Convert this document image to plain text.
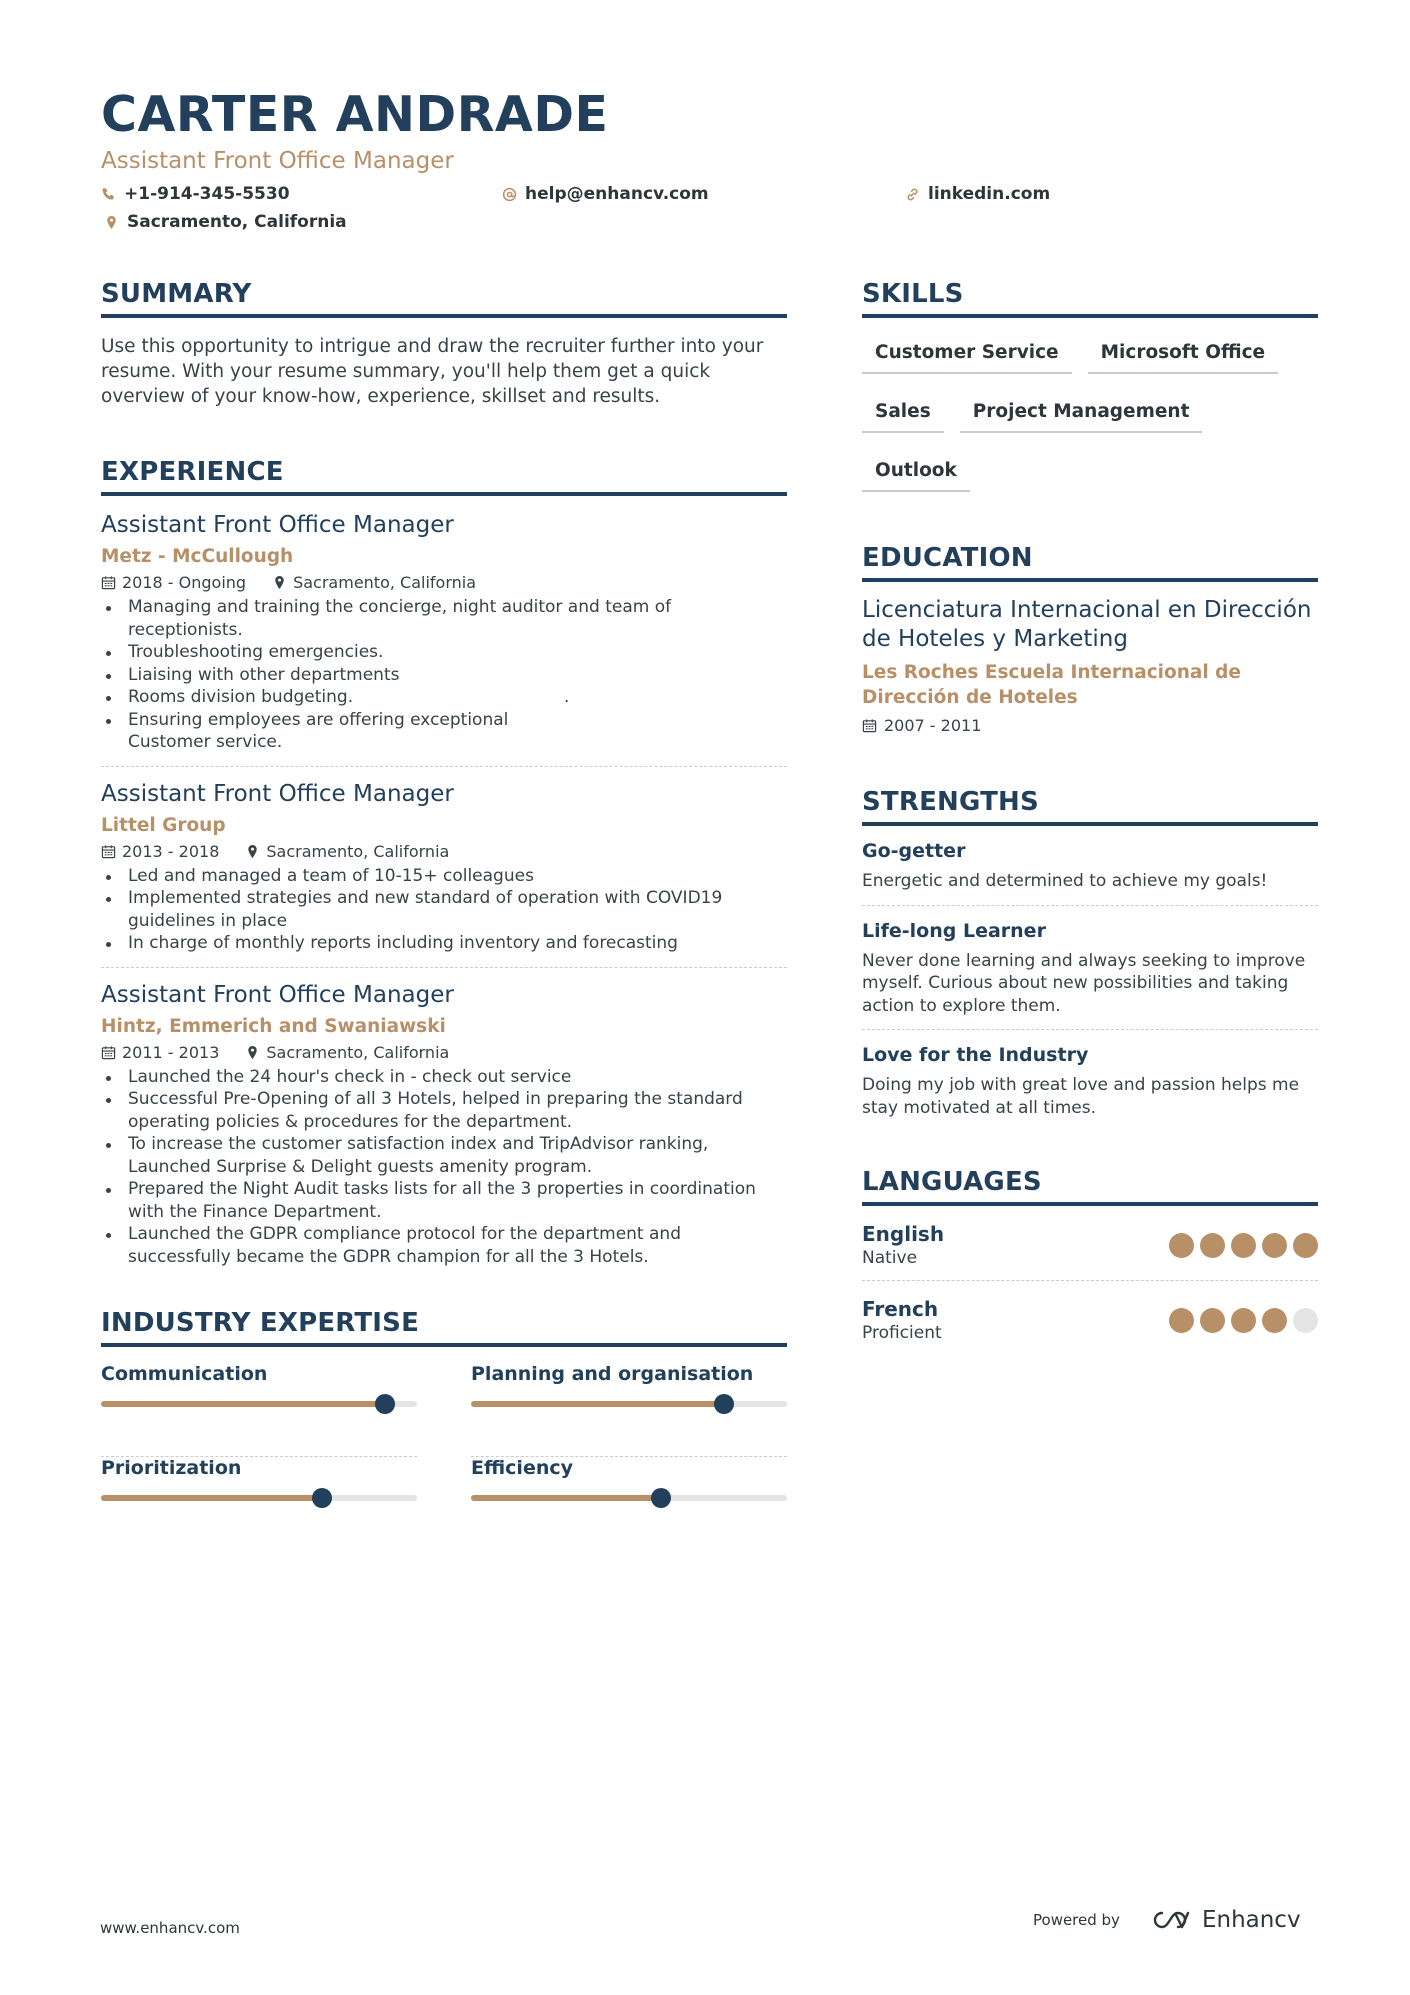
CARTER ANDRADE
Assistant Front Office Manager
+1-914-345-5530	help@enhancv.com	linkedin.com
Sacramento, California
SUMMARY

Use this opportunity to intrigue and draw the recruiter further into your resume. With your resume summary, you'll help them get a quick overview of your know-how, experience, skillset and results.

EXPERIENCE
Assistant Front Office Manager
Metz - McCullough
2018 - Ongoing	Sacramento, California
Managing and training the concierge, night auditor and team of receptionists.
Troubleshooting emergencies.
Liaising with other departments
Rooms division budgeting.                                       .
Ensuring employees are offering exceptional Customer service.
Assistant Front Office Manager
Littel Group
2013 - 2018	Sacramento, California
Led and managed a team of 10-15+ colleagues
Implemented strategies and new standard of operation with COVID19 guidelines in place
In charge of monthly reports including inventory and forecasting
Assistant Front Office Manager
Hintz, Emmerich and Swaniawski
2011 - 2013	Sacramento, California
Launched the 24 hour's check in - check out service
Successful Pre-Opening of all 3 Hotels, helped in preparing the standard operating policies & procedures for the department.
To increase the customer satisfaction index and TripAdvisor ranking, Launched Surprise & Delight guests amenity program.
Prepared the Night Audit tasks lists for all the 3 properties in coordination with the Finance Department.
Launched the GDPR compliance protocol for the department and successfully became the GDPR champion for all the 3 Hotels.
INDUSTRY EXPERTISE
Communication	Planning and organisation
Prioritization	Efficiency
SKILLS
Customer Service	Microsoft Office
Sales	Project Management
Outlook
EDUCATION
Licenciatura Internacional en Dirección de Hoteles y Marketing
Les Roches Escuela Internacional de Dirección de Hoteles
2007 - 2011
STRENGTHS
Go-getter
Energetic and determined to achieve my goals!
Life-long Learner
Never done learning and always seeking to improve myself. Curious about new possibilities and taking action to explore them.
Love for the Industry
Doing my job with great love and passion helps me stay motivated at all times.
LANGUAGES
English
Native
French
Proficient
www.enhancv.com	Powered by	Enhancv
